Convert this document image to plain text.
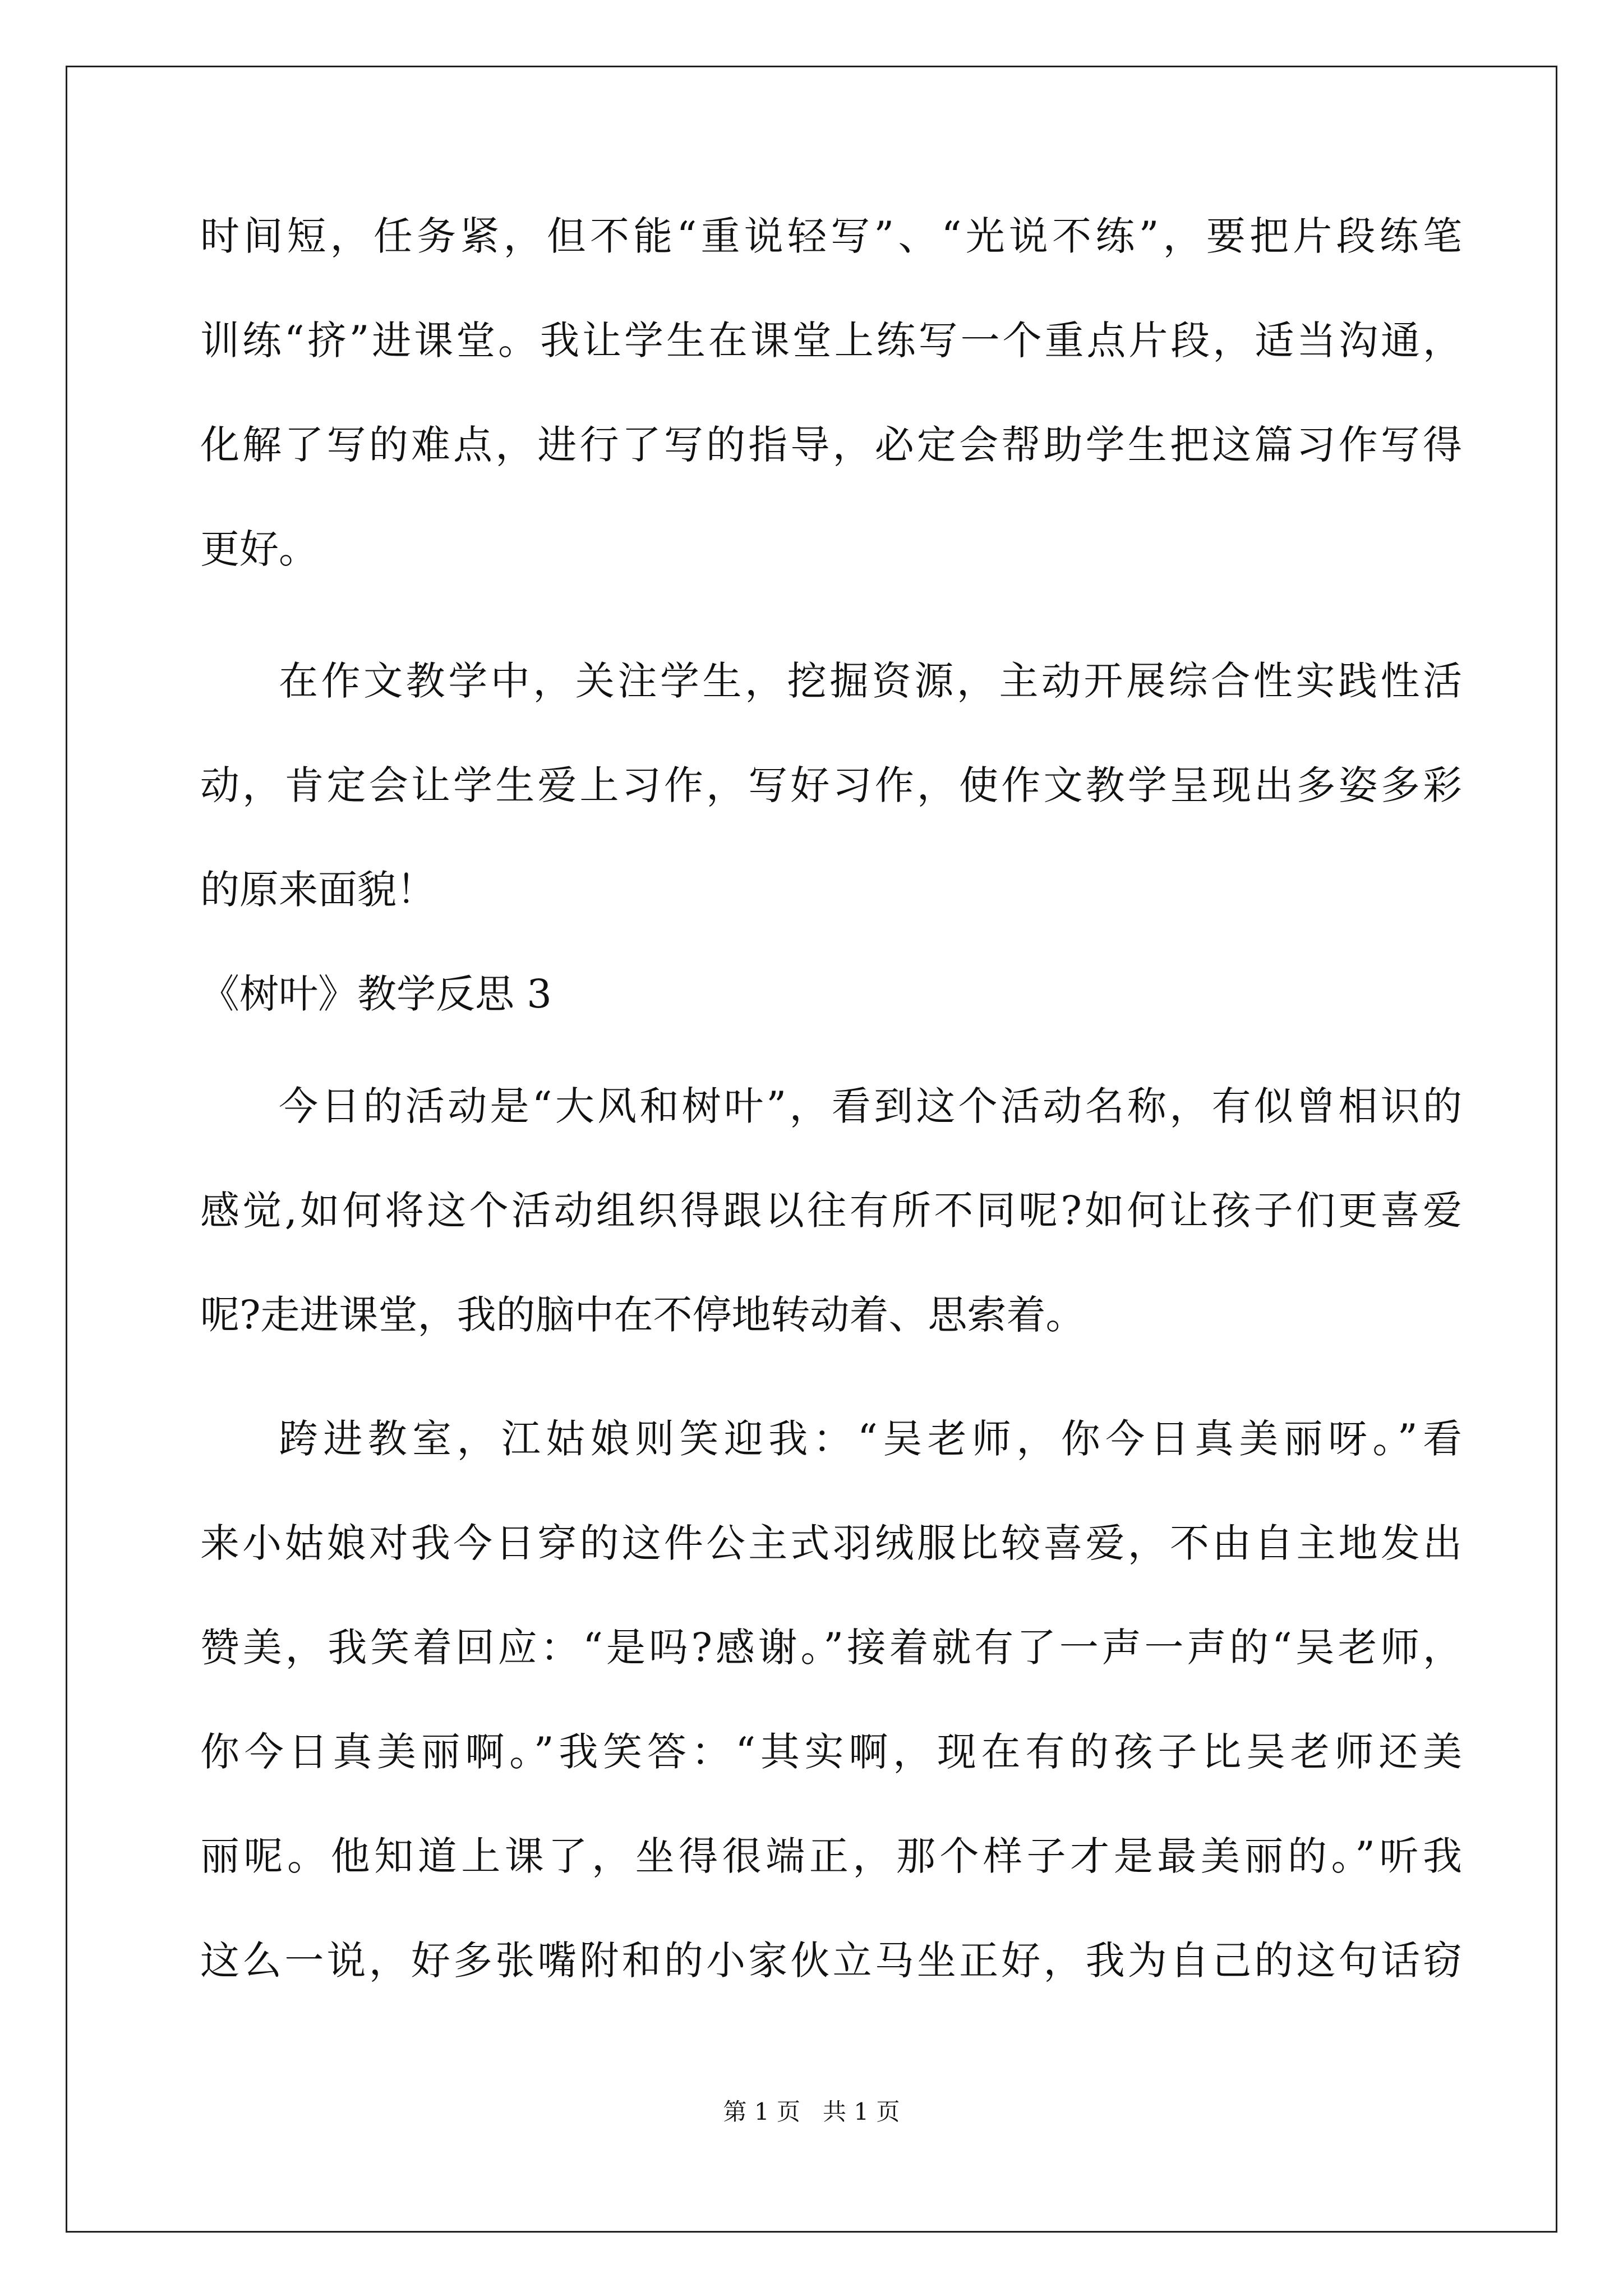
时间短，任务紧，但不能“重说轻写”、“光说不练”，要把片段练笔

训练“挤”进课堂。我让学生在课堂上练写一个重点片段，适当沟通，

化解了写的难点，进行了写的指导，必定会帮助学生把这篇习作写得

更好。

在作文教学中，关注学生，挖掘资源，主动开展综合性实践性活

动，肯定会让学生爱上习作，写好习作，使作文教学呈现出多姿多彩

的原来面貌！

《树叶》教学反思 3

今日的活动是“大风和树叶”，看到这个活动名称，有似曾相识的

感觉,如何将这个活动组织得跟以往有所不同呢?如何让孩子们更喜爱

呢?走进课堂，我的脑中在不停地转动着、思索着。

跨进教室，江姑娘则笑迎我：“吴老师，你今日真美丽呀。”看

来小姑娘对我今日穿的这件公主式羽绒服比较喜爱，不由自主地发出

赞美，我笑着回应：“是吗?感谢。”接着就有了一声一声的“吴老师，

你今日真美丽啊。”我笑答：“其实啊，现在有的孩子比吴老师还美

丽呢。他知道上课了，坐得很端正，那个样子才是最美丽的。”听我

这么一说，好多张嘴附和的小家伙立马坐正好，我为自己的这句话窃

第 1 页   共 1 页
